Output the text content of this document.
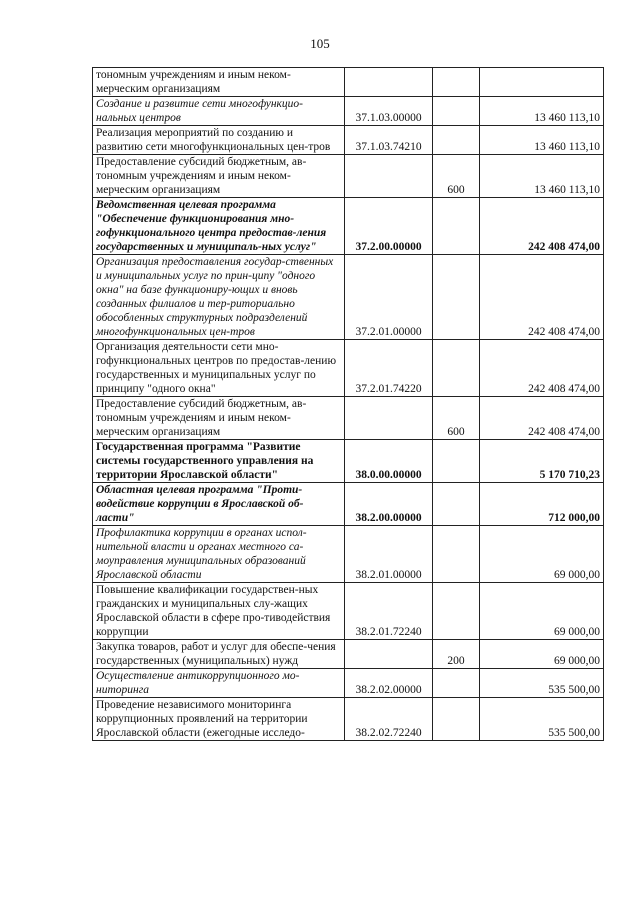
105
тономным учреждениям и иным неком-мерческим организациям			
Создание и развитие сети многофункцио-нальных центров	37.1.03.00000		13 460 113,10
Реализация мероприятий по созданию и развитию сети многофункциональных цен-тров	37.1.03.74210		13 460 113,10
Предоставление субсидий бюджетным, ав-тономным учреждениям и иным неком-мерческим организациям		600	13 460 113,10
Ведомственная целевая программа "Обеспечение функционирования мно-гофункционального центра предостав-ления государственных и муниципаль-ных услуг"	37.2.00.00000		242 408 474,00
Организация предоставления государ-ственных и муниципальных услуг по прин-ципу "одного окна" на базе функциониру-ющих и вновь созданных филиалов и тер-риториально обособленных структурных подразделений многофункциональных цен-тров	37.2.01.00000		242 408 474,00
Организация деятельности сети мно-гофункциональных центров по предостав-лению государственных и муниципальных услуг по принципу "одного окна"	37.2.01.74220		242 408 474,00
Предоставление субсидий бюджетным, ав-тономным учреждениям и иным неком-мерческим организациям		600	242 408 474,00
Государственная программа "Развитие системы государственного управления на территории Ярославской области"	38.0.00.00000		5 170 710,23
Областная целевая программа "Проти-водействие коррупции в Ярославской об-ласти"	38.2.00.00000		712 000,00
Профилактика коррупции в органах испол-нительной власти и органах местного са-моуправления муниципальных образований Ярославской области	38.2.01.00000		69 000,00
Повышение квалификации государствен-ных гражданских и муниципальных слу-жащих Ярославской области в сфере про-тиводействия коррупции	38.2.01.72240		69 000,00
Закупка товаров, работ и услуг для обеспе-чения государственных (муниципальных) нужд		200	69 000,00
Осуществление антикоррупционного мо-ниторинга	38.2.02.00000		535 500,00
Проведение независимого мониторинга коррупционных проявлений на территории Ярославской области (ежегодные исследо-	38.2.02.72240		535 500,00
